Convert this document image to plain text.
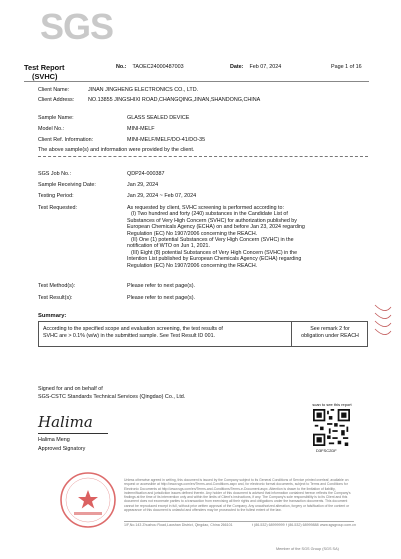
SGS
Test Report
(SVHC)
No.: TAOEC24000487003	Date: Feb 07, 2024	Page 1 of 16
Client Name:	JINAN JINGHENG ELECTRONICS CO., LTD.
Client Address:	NO.13855 JINGSHIXI ROAD,CHANGQING,JINAN,SHANDONG,CHINA
Sample Name:	GLASS SEALED DEVICE
Model No.:	MINI-MELF
Client Ref. Information:	MINI-MELF/MELF/DO-41/DO-35
The above sample(s) and information were provided by the client.
SGS Job No.:	QDP24-000387
Sample Receiving Date:	Jan 29, 2024
Testing Period:	Jan 29, 2024 ~ Feb 07, 2024
Test Requested:	As requested by client, SVHC screening is performed according to:
(I) Two hundred and forty (240) substances in the Candidate List of
Substances of Very High Concern (SVHC) for authorization published by
European Chemicals Agency (ECHA) on and before Jan 23, 2024 regarding
Regulation (EC) No 1907/2006 concerning the REACH.
(II) One (1) potential Substances of Very High Concern (SVHC) in the
notification of WTO on Jun 1, 2021.
(III) Eight (8) potential Substances of Very High Concern (SVHC) in the
Intention List published by European Chemicals Agency (ECHA) regarding
Regulation (EC) No 1907/2006 concerning the REACH.
Test Method(s):	Please refer to next page(s).
Test Result(s):	Please refer to next page(s).
Summary:
According to the specified scope and evaluation screening, the test results of
SVHC are > 0.1% (w/w) in the submitted sample. See Test Result ID 001.
See remark 2 for
obligation under REACH
Signed for and on behalf of
SGS-CSTC Standards Technical Services (Qingdao) Co., Ltd.
Halima
Halima Meng
Approved Signatory
scan to see this report
D3FSC2DF
Unless otherwise agreed in writing, this document is issued by the Company subject to its General Conditions of Service printed overleaf, available on request or accessible at http://www.sgs.com/en/Terms-and-Conditions.aspx and, for electronic format documents, subject to Terms and Conditions for Electronic Documents at http://www.sgs.com/en/Terms-and-Conditions/Terms-e-Document.aspx. Attention is drawn to the limitation of liability, indemnification and jurisdiction issues defined therein. Any holder of this document is advised that information contained hereon reflects the Company's findings at the time of its intervention only and within the limits of Client's instructions, if any. The Company's sole responsibility is to its Client and this document does not exonerate parties to a transaction from exercising all their rights and obligations under the transaction documents. This document cannot be reproduced except in full, without prior written approval of the Company. Any unauthorized alteration, forgery or falsification of the content or appearance of this document is unlawful and offenders may be prosecuted to the fullest extent of the law.
1/F,No.143 Zhuzhou Road,Laoshan District, Qingdao, China 266101	t (86-532) 68999999 f (86-532) 68999888 www.sgsgroup.com.cn
Member of the SGS Group (SGS SA)
